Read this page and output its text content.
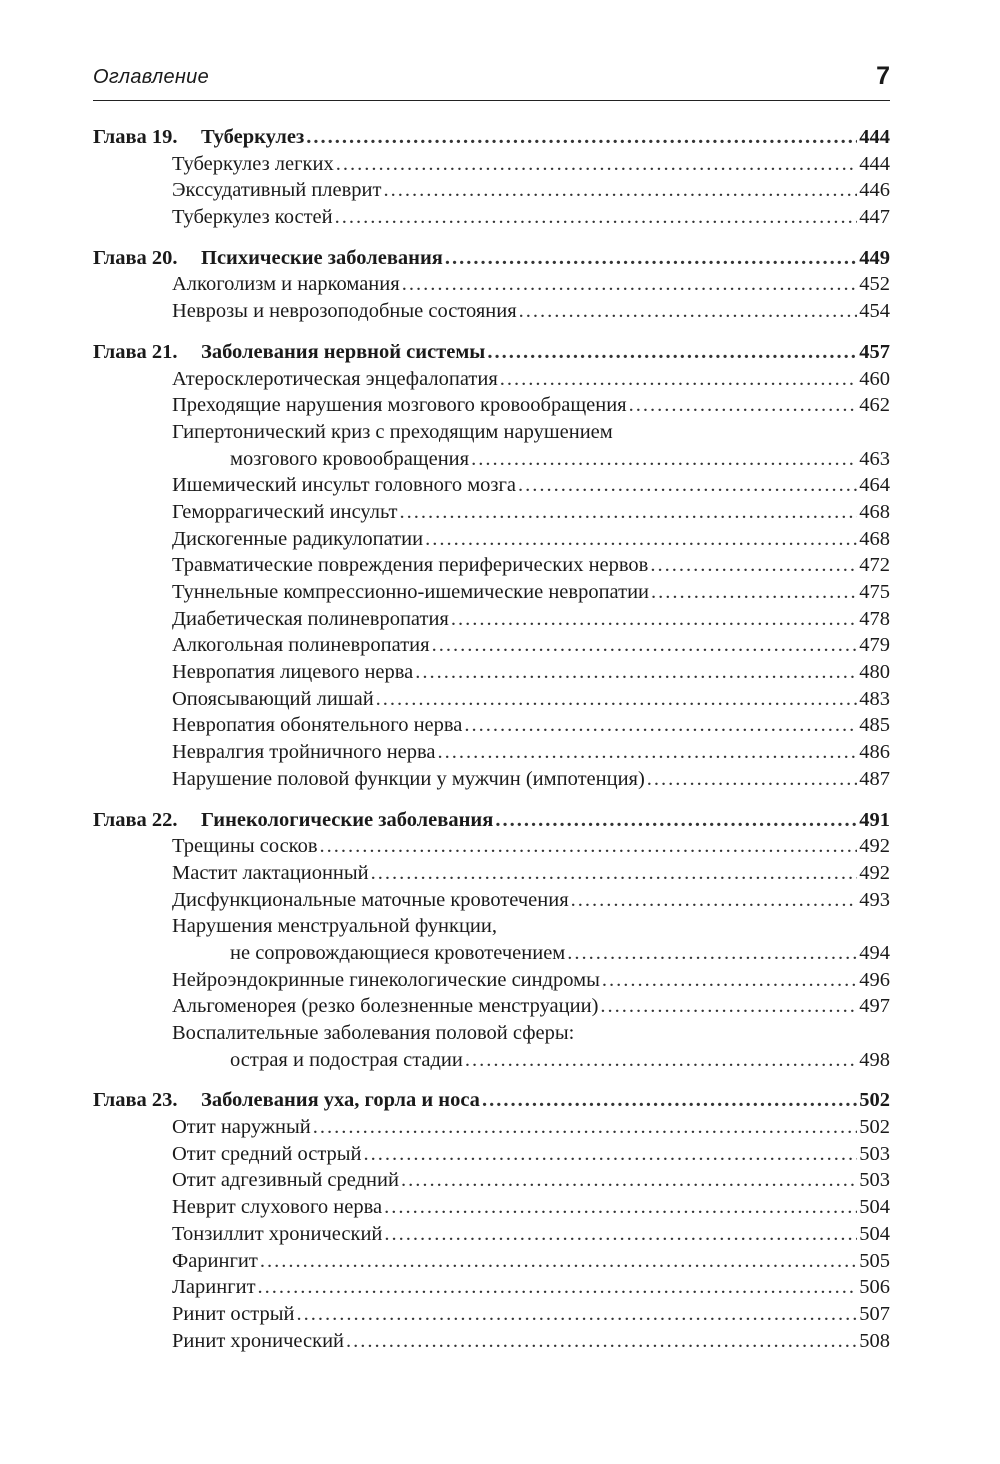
Оглавление	7
Глава 19. Туберкулез .....	444
Туберкулез легких .....	444
Экссудативный плеврит .....	446
Туберкулез костей .....	447
Глава 20. Психические заболевания .....	449
Алкоголизм и наркомания .....	452
Неврозы и неврозоподобные состояния .....	454
Глава 21. Заболевания нервной системы .....	457
Атеросклеротическая энцефалопатия .....	460
Преходящие нарушения мозгового кровообращения .....	462
Гипертонический криз с преходящим нарушением
мозгового кровообращения .....	463
Ишемический инсульт головного мозга .....	464
Геморрагический инсульт .....	468
Дискогенные радикулопатии .....	468
Травматические повреждения периферических нервов .....	472
Туннельные компрессионно-ишемические невропатии .....	475
Диабетическая полиневропатия .....	478
Алкогольная полиневропатия .....	479
Невропатия лицевого нерва .....	480
Опоясывающий лишай .....	483
Невропатия обонятельного нерва .....	485
Невралгия тройничного нерва .....	486
Нарушение половой функции у мужчин (импотенция) .....	487
Глава 22. Гинекологические заболевания .....	491
Трещины сосков .....	492
Мастит лактационный .....	492
Дисфункциональные маточные кровотечения .....	493
Нарушения менструальной функции,
не сопровождающиеся кровотечением .....	494
Нейроэндокринные гинекологические синдромы .....	496
Альгоменорея (резко болезненные менструации) .....	497
Воспалительные заболевания половой сферы:
острая и подострая стадии .....	498
Глава 23. Заболевания уха, горла и носа .....	502
Отит наружный .....	502
Отит средний острый .....	503
Отит адгезивный средний .....	503
Неврит слухового нерва .....	504
Тонзиллит хронический .....	504
Фарингит .....	505
Ларингит .....	506
Ринит острый .....	507
Ринит хронический .....	508
